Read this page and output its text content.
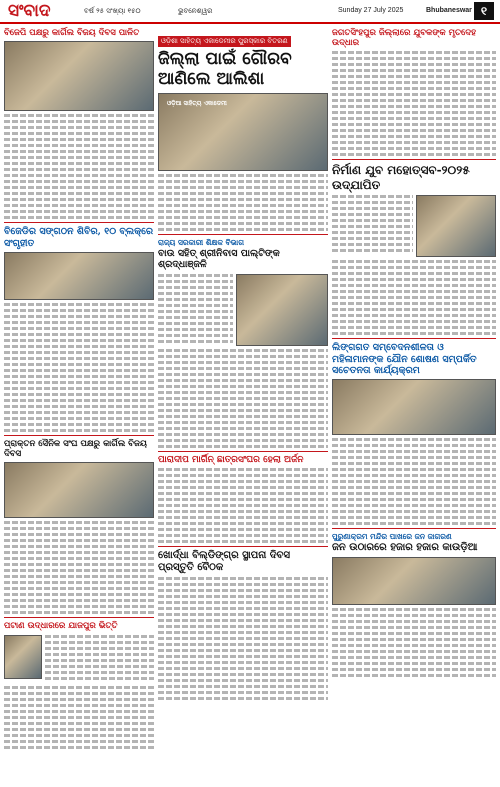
ସଂବାଦ	ବର୍ଷ ୨୫ ସଂଖ୍ୟା ୧୫୦	ଭୁବନେଶ୍ୱର	Sunday 27 July 2025	Bhubaneswar ୧
ବିଜେପି ପକ୍ଷରୁ କାର୍ଗିଲ ବିଜୟ ଦିବସ ପାଳିତ
ବିଜେଡିର ସଙ୍ଗଠନ ଶିବିର, ୧୦ ବ୍ଲକ୍‌ରେ ସଂଗୃହୀତ
ପ୍ରାକ୍ତନ ସୈନିକ ସଂଘ ପକ୍ଷରୁ କାର୍ଗିଲ ବିଜୟ ଦିବସ
ପଟାଣ ଉଦ୍ଧାରରେ ଯାଜପୁର ଭିତ୍ତି
ଓଡ଼ିଶା ସାହିତ୍ୟ ଏକାଡେମୀର ପୁରସ୍କାର ବିତରଣ
ଜିଲ୍ଲା ପାଇଁ ଗୌରବ ଆଣିଲେ ଆଲିଶା
ଓଡ଼ିଆ ସାହିତ୍ୟ ଏକାଡେମୀ
ରାଜ୍ୟ ସରକାରୀ ଶିକ୍ଷକ ବିଭାଗ
ବାଉ ସହିତ୍ ଶ୍ରୀନିବାସ ପାଲ୍ଟିଙ୍କ ଶ୍ରଦ୍ଧାଞ୍ଜଳି
ପାରାଦୀପ ମାର୍ଗିନ୍ ଛାତ୍ରସଂଘର ହେଲା ଅର୍ଜନ
ଖୋର୍ଦ୍ଧା ବିଲ୍ଡିଙ୍ଗ୍‌ର ସ୍ଥାପନା ଦିବସ ପ୍ରସ୍ତୁତି ବୈଠକ
ଜଗତସିଂହପୁର ଜିଲ୍ଲାରେ ଯୁବକଙ୍କ ମୃତଦେହ ଉଦ୍ଧାର
ନିର୍ମାଣ ଯୁବ ମହୋତ୍ସବ-୨୦୨୫ ଉଦ୍‌ଯାପିତ
ଲିଙ୍ଗଗତ ସମ୍ବେଦନଶୀଳତା ଓ ମହିଳାମାନଙ୍କ ଯୌନ ଶୋଷଣ ସମ୍ପର୍କିତ ସଚେତନତା କାର୍ଯ୍ୟକ୍ରମ
ପୁରୁଣାକ୍ରମ ମନ୍ଦିର ପାଖରେ ଜନ ଜାଗରଣ
ଜନ ଉଠାରରେ ହଜାର ହଜାର କାଉଡ଼ିଆ
